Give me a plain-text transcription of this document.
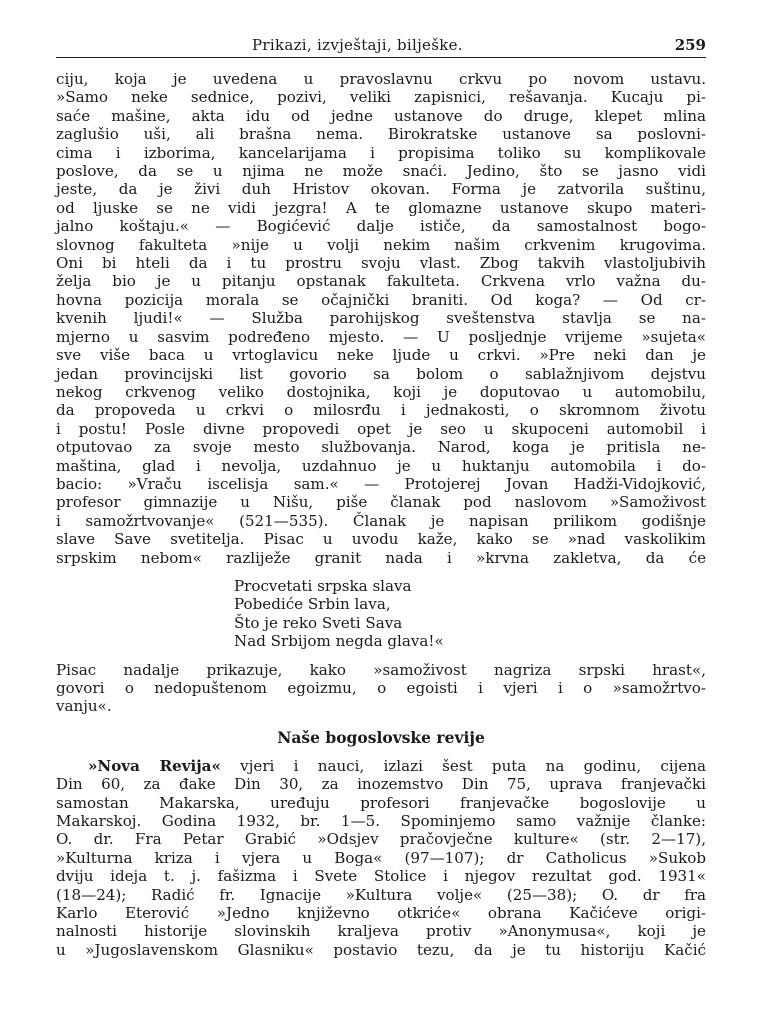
Prikazi, izvještaji, bilješke.	259

ciju, koja je uvedena u pravoslavnu crkvu po novom ustavu.

»Samo neke sednice, pozivi, veliki zapisnici, rešavanja. Kucaju pi-

saće mašine, akta idu od jedne ustanove do druge, klepet mlina

zaglušio uši, ali brašna nema. Birokratske ustanove sa poslovni-

cima i izborima, kancelarijama i propisima toliko su komplikovale

poslove, da se u njima ne može snaći. Jedino, što se jasno vidi

jeste, da je živi duh Hristov okovan. Forma je zatvorila suštinu,

od ljuske se ne vidi jezgra! A te glomazne ustanove skupo materi-

jalno koštaju.« — Bogićević dalje ističe, da samostalnost bogo-

slovnog fakulteta »nije u volji nekim našim crkvenim krugovima.

Oni bi hteli da i tu prostru svoju vlast. Zbog takvih vlastoljubivih

želja bio je u pitanju opstanak fakulteta. Crkvena vrlo važna du-

hovna pozicija morala se očajnički braniti. Od koga? — Od cr-

kvenih ljudi!« — Služba parohijskog sveštenstva stavlja se na-

mjerno u sasvim podređeno mjesto. — U posljednje vrijeme »sujeta«

sve više baca u vrtoglavicu neke ljude u crkvi. »Pre neki dan je

jedan provincijski list govorio sa bolom o sablažnjivom dejstvu

nekog crkvenog veliko dostojnika, koji je doputovao u automobilu,

da propoveda u crkvi o milosrđu i jednakosti, o skromnom životu

i postu! Posle divne propovedi opet je seo u skupoceni automobil i

otputovao za svoje mesto službovanja. Narod, koga je pritisla ne-

maština, glad i nevolja, uzdahnuo je u huktanju automobila i do-

bacio: »Vraču iscelisja sam.« — Protojerej Jovan Hadži-Vidojković,

profesor gimnazije u Nišu, piše članak pod naslovom »Samoživost

i samožrtvovanje« (521—535). Članak je napisan prilikom godišnje

slave Save svetitelja. Pisac u uvodu kaže, kako se »nad vaskolikim

srpskim nebom« razliježe granit nada i »krvna zakletva, da će

Procvetati srpska slava

Pobediće Srbin lava,

Što je reko Sveti Sava

Nad Srbijom negda glava!«

Pisac nadalje prikazuje, kako »samoživost nagriza srpski hrast«,

govori o nedopuštenom egoizmu, o egoisti i vjeri i o »samožrtvo-

vanju«.

Naše bogoslovske revije

»Nova Revija« vjeri i nauci, izlazi šest puta na godinu, cijena

Din 60, za đake Din 30, za inozemstvo Din 75, uprava franjevački

samostan Makarska, uređuju profesori franjevačke bogoslovije u

Makarskoj. Godina 1932, br. 1—5. Spominjemo samo važnije članke:

O. dr. Fra Petar Grabić »Odsjev pračovječne kulture« (str. 2—17),

»Kulturna kriza i vjera u Boga« (97—107); dr Catholicus »Sukob

dviju ideja t. j. fašizma i Svete Stolice i njegov rezultat god. 1931«

(18—24); Radić fr. Ignacije »Kultura volje« (25—38); O. dr fra

Karlo Eterović »Jedno književno otkriće« obrana Kačićeve origi-

nalnosti historije slovinskih kraljeva protiv »Anonymusa«, koji je

u »Jugoslavenskom Glasniku« postavio tezu, da je tu historiju Kačić
